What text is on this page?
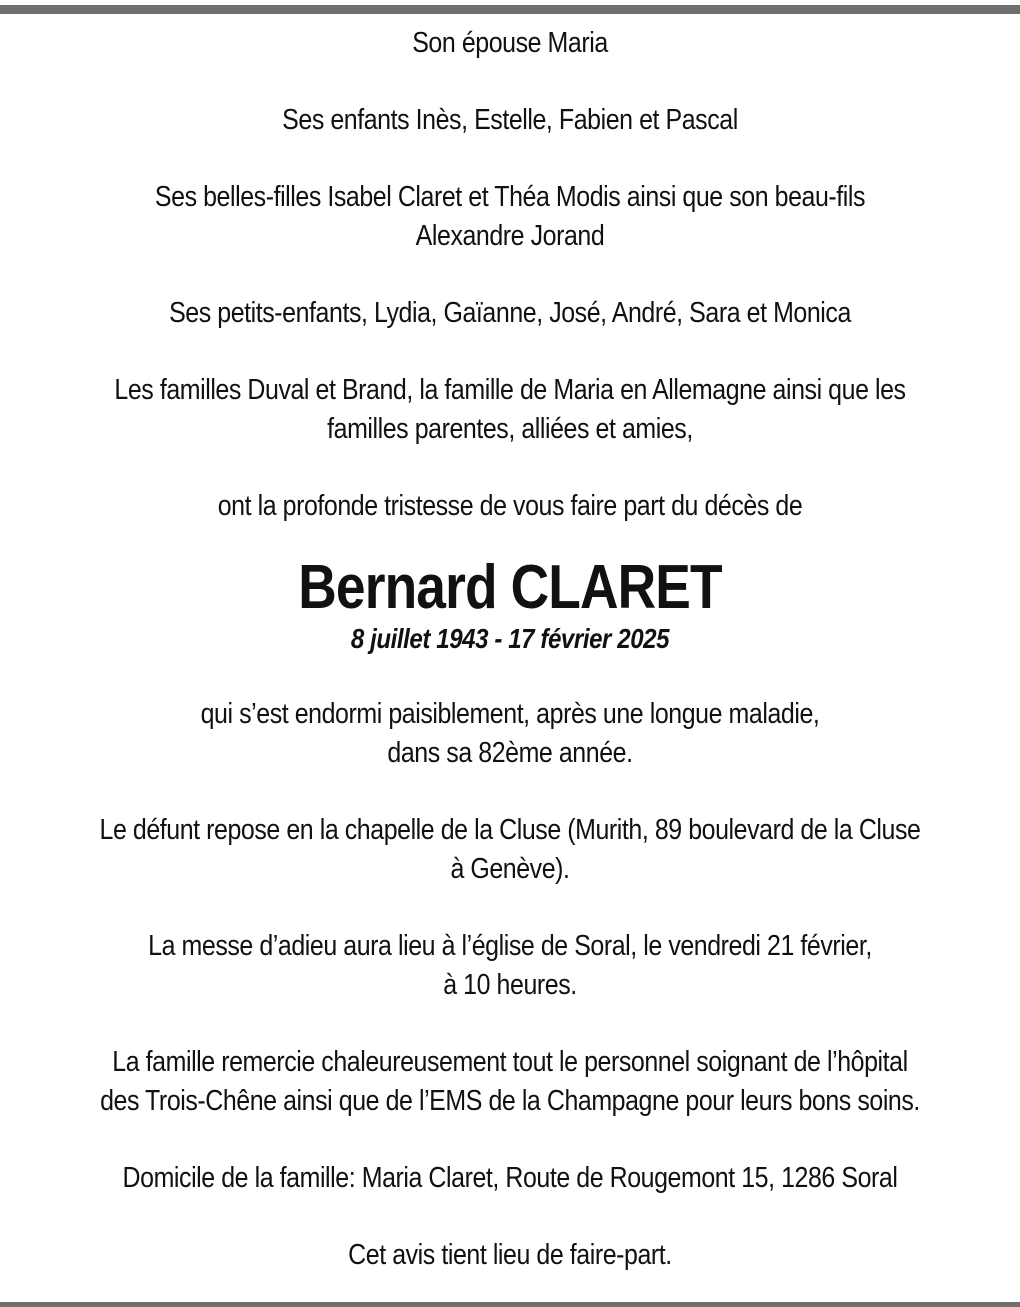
Son épouse Maria

Ses enfants Inès, Estelle, Fabien et Pascal

Ses belles-filles Isabel Claret et Théa Modis ainsi que son beau-fils
Alexandre Jorand

Ses petits-enfants, Lydia, Gaïanne, José, André, Sara et Monica

Les familles Duval et Brand, la famille de Maria en Allemagne ainsi que les
familles parentes, alliées et amies,

ont la profonde tristesse de vous faire part du décès de

Bernard CLARET

8 juillet 1943 - 17 février 2025

qui s’est endormi paisiblement, après une longue maladie,
dans sa 82ème année.

Le défunt repose en la chapelle de la Cluse (Murith, 89 boulevard de la Cluse
à Genève).

La messe d’adieu aura lieu à l’église de Soral, le vendredi 21 février,
à 10 heures.

La famille remercie chaleureusement tout le personnel soignant de l’hôpital
des Trois-Chêne ainsi que de l’EMS de la Champagne pour leurs bons soins.

Domicile de la famille: Maria Claret, Route de Rougemont 15, 1286 Soral

Cet avis tient lieu de faire-part.
